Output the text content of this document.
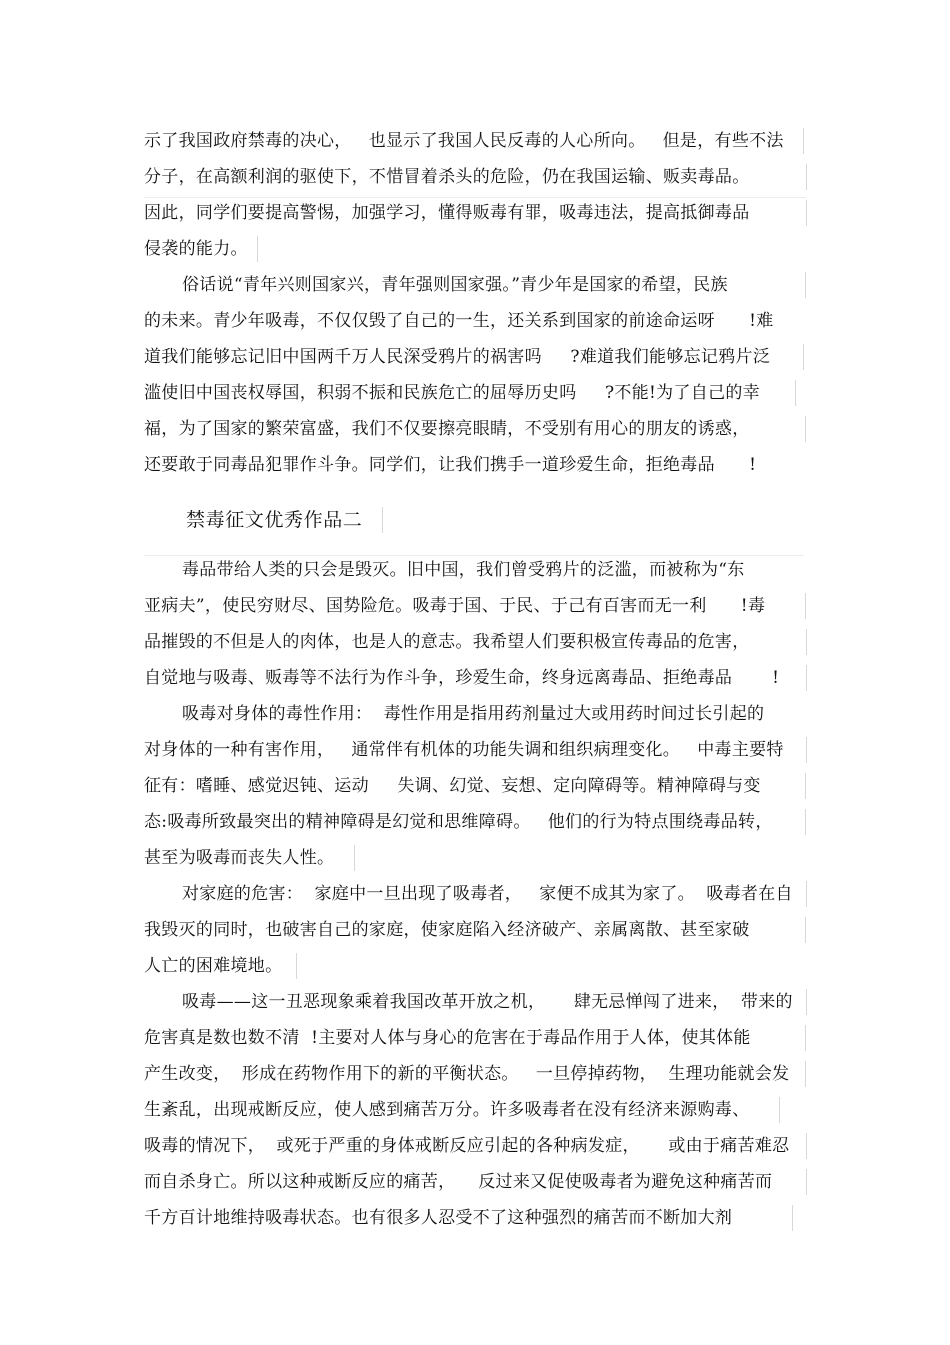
示了我国政府禁毒的决心，   也显示了我国人民反毒的人心所向。   但是，有些不法
分子，在高额利润的驱使下，不惜冒着杀头的危险，仍在我国运输、贩卖毒品。
因此，同学们要提高警惕，加强学习，懂得贩毒有罪，吸毒违法，提高抵御毒品
侵袭的能力。
俗话说“青年兴则国家兴，青年强则国家强。”青少年是国家的希望，民族
的未来。青少年吸毒，不仅仅毁了自己的一生，还关系到国家的前途命运呀      !难
道我们能够忘记旧中国两千万人民深受鸦片的祸害吗     ?难道我们能够忘记鸦片泛
滥使旧中国丧权辱国，积弱不振和民族危亡的屈辱历史吗     ?不能!为了自己的幸
福，为了国家的繁荣富盛，我们不仅要擦亮眼睛，不受别有用心的朋友的诱惑，
还要敢于同毒品犯罪作斗争。同学们，让我们携手一道珍爱生命，拒绝毒品      !
禁毒征文优秀作品二
毒品带给人类的只会是毁灭。旧中国，我们曾受鸦片的泛滥，而被称为“东
亚病夫”，使民穷财尽、国势险危。吸毒于国、于民、于己有百害而无一利      !毒
品摧毁的不但是人的肉体，也是人的意志。我希望人们要积极宣传毒品的危害，
自觉地与吸毒、贩毒等不法行为作斗争，珍爱生命，终身远离毒品、拒绝毒品       !
吸毒对身体的毒性作用：  毒性作用是指用药剂量过大或用药时间过长引起的
对身体的一种有害作用，   通常伴有机体的功能失调和组织病理变化。   中毒主要特
征有：嗜睡、感觉迟钝、运动     失调、幻觉、妄想、定向障碍等。精神障碍与变
态:吸毒所致最突出的精神障碍是幻觉和思维障碍。   他们的行为特点围绕毒品转，
甚至为吸毒而丧失人性。
对家庭的危害：  家庭中一旦出现了吸毒者，   家便不成其为家了。  吸毒者在自
我毁灭的同时，也破害自己的家庭，使家庭陷入经济破产、亲属离散、甚至家破
人亡的困难境地。
吸毒——这一丑恶现象乘着我国改革开放之机，     肆无忌惮闯了进来，  带来的
危害真是数也数不清  !主要对人体与身心的危害在于毒品作用于人体，使其体能
产生改变，  形成在药物作用下的新的平衡状态。   一旦停掉药物，  生理功能就会发
生紊乱，出现戒断反应，使人感到痛苦万分。许多吸毒者在没有经济来源购毒、
吸毒的情况下，  或死于严重的身体戒断反应引起的各种病发症，     或由于痛苦难忍
而自杀身亡。所以这种戒断反应的痛苦，    反过来又促使吸毒者为避免这种痛苦而
千方百计地维持吸毒状态。也有很多人忍受不了这种强烈的痛苦而不断加大剂
